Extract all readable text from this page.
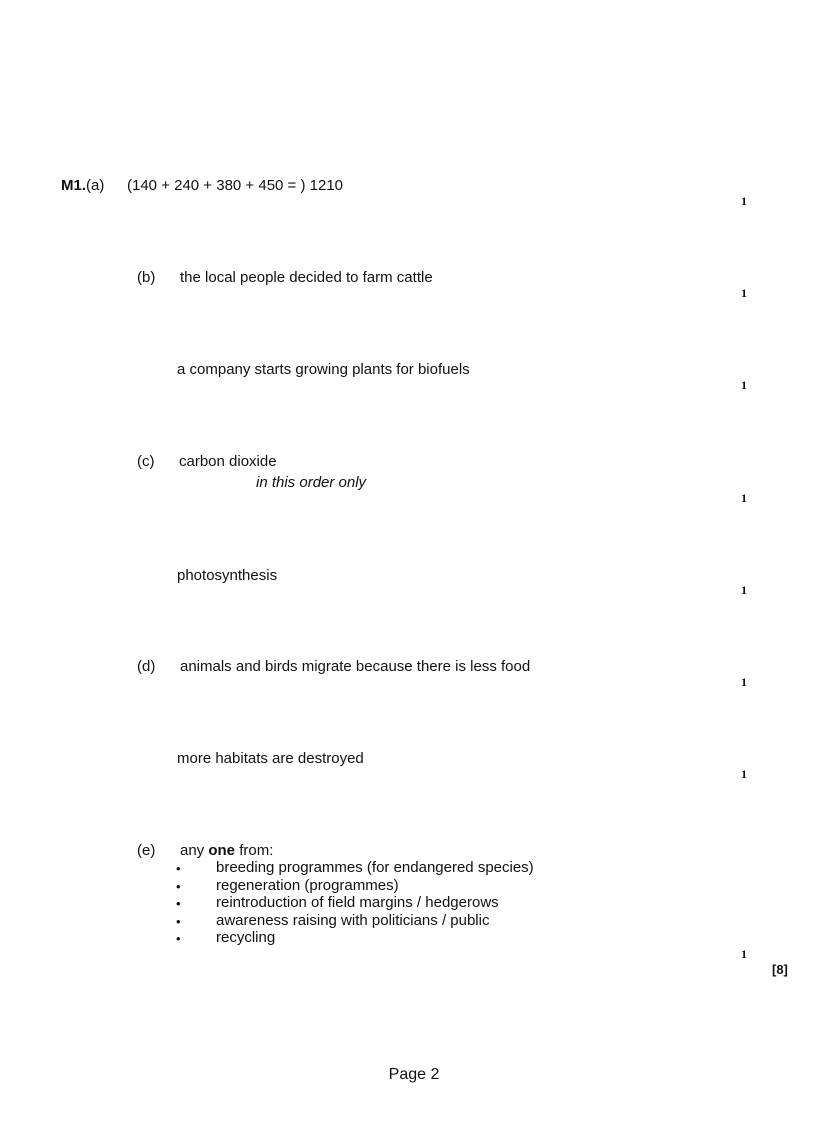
M1.(a) (140 + 240 + 380 + 450 = ) 1210
1
(b) the local people decided to farm cattle
1
a company starts growing plants for biofuels
1
(c) carbon dioxide
in this order only
1
photosynthesis
1
(d) animals and birds migrate because there is less food
1
more habitats are destroyed
1
(e) any one from:
• breeding programmes (for endangered species)
• regeneration (programmes)
• reintroduction of field margins / hedgerows
• awareness raising with politicians / public
• recycling
1
[8]
Page 2
